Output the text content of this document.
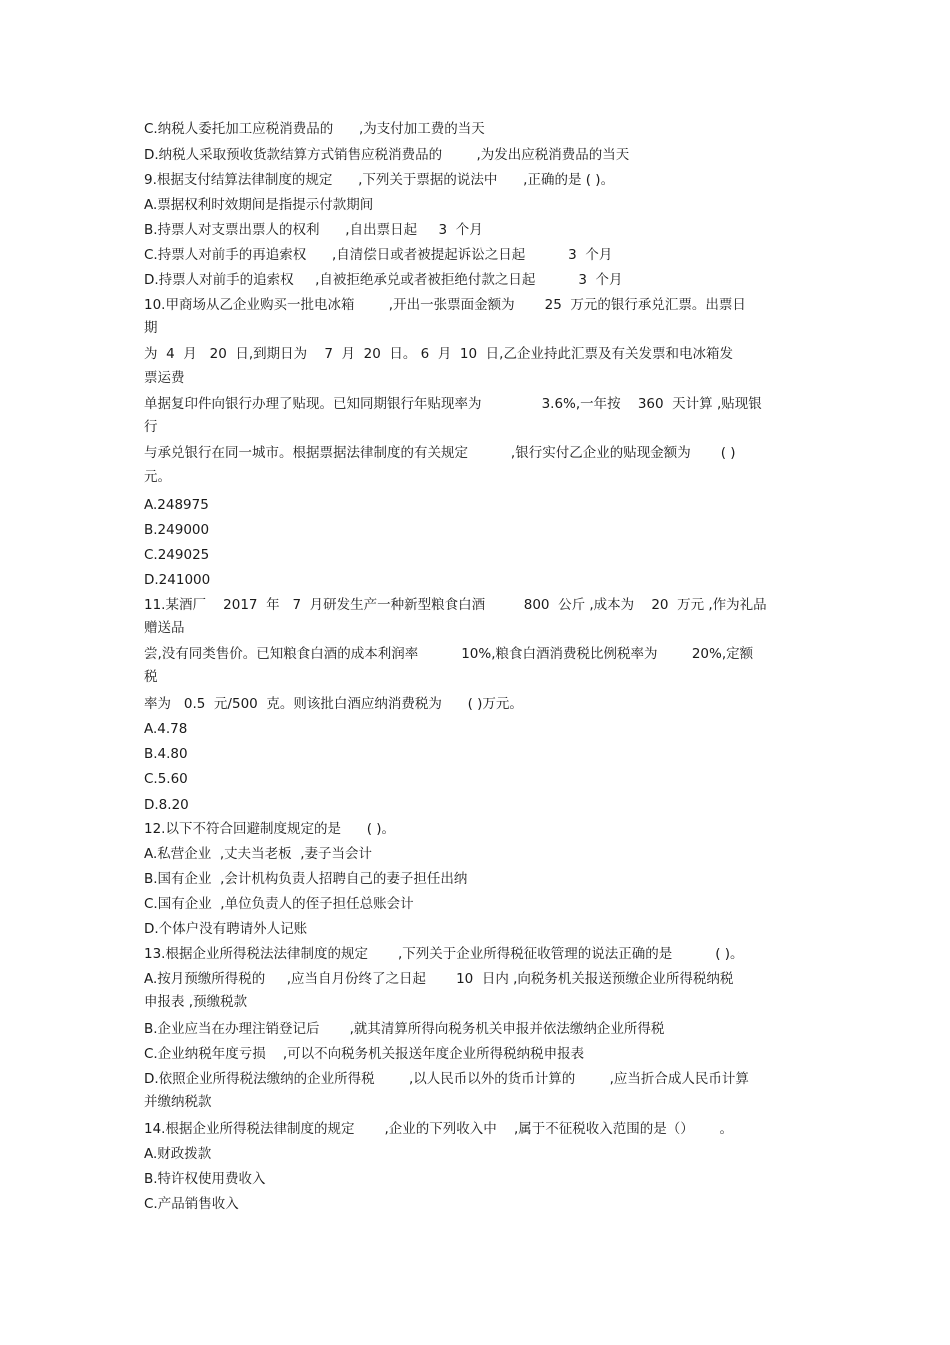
C.纳税人委托加工应税消费品的      ,为支付加工费的当天
D.纳税人采取预收货款结算方式销售应税消费品的        ,为发出应税消费品的当天
9.根据支付结算法律制度的规定      ,下列关于票据的说法中      ,正确的是 ( )。
A.票据权利时效期间是指提示付款期间
B.持票人对支票出票人的权利      ,自出票日起     3  个月
C.持票人对前手的再追索权      ,自清偿日或者被提起诉讼之日起          3  个月
D.持票人对前手的追索权     ,自被拒绝承兑或者被拒绝付款之日起          3  个月
10.甲商场从乙企业购买一批电冰箱        ,开出一张票面金额为       25  万元的银行承兑汇票。出票日
期
为  4  月   20  日,到期日为    7  月  20  日。 6  月  10  日,乙企业持此汇票及有关发票和电冰箱发
票运费
单据复印件向银行办理了贴现。已知同期银行年贴现率为              3.6%,一年按    360  天计算 ,贴现银
行
与承兑银行在同一城市。根据票据法律制度的有关规定          ,银行实付乙企业的贴现金额为       ( )
元。
A.248975
B.249000
C.249025
D.241000
11.某酒厂    2017  年   7  月研发生产一种新型粮食白酒         800  公斤 ,成本为    20  万元 ,作为礼品
赠送品
尝,没有同类售价。已知粮食白酒的成本利润率          10%,粮食白酒消费税比例税率为        20%,定额
税
率为   0.5  元/500  克。则该批白酒应纳消费税为      ( )万元。
A.4.78
B.4.80
C.5.60
D.8.20
12.以下不符合回避制度规定的是      ( )。
A.私营企业  ,丈夫当老板  ,妻子当会计
B.国有企业  ,会计机构负责人招聘自己的妻子担任出纳
C.国有企业  ,单位负责人的侄子担任总账会计
D.个体户没有聘请外人记账
13.根据企业所得税法法律制度的规定       ,下列关于企业所得税征收管理的说法正确的是          ( )。
A.按月预缴所得税的     ,应当自月份终了之日起       10  日内 ,向税务机关报送预缴企业所得税纳税
申报表 ,预缴税款
B.企业应当在办理注销登记后       ,就其清算所得向税务机关申报并依法缴纳企业所得税
C.企业纳税年度亏损    ,可以不向税务机关报送年度企业所得税纳税申报表
D.依照企业所得税法缴纳的企业所得税        ,以人民币以外的货币计算的        ,应当折合成人民币计算
并缴纳税款
14.根据企业所得税法律制度的规定       ,企业的下列收入中    ,属于不征税收入范围的是（）      。
A.财政拨款
B.特许权使用费收入
C.产品销售收入
